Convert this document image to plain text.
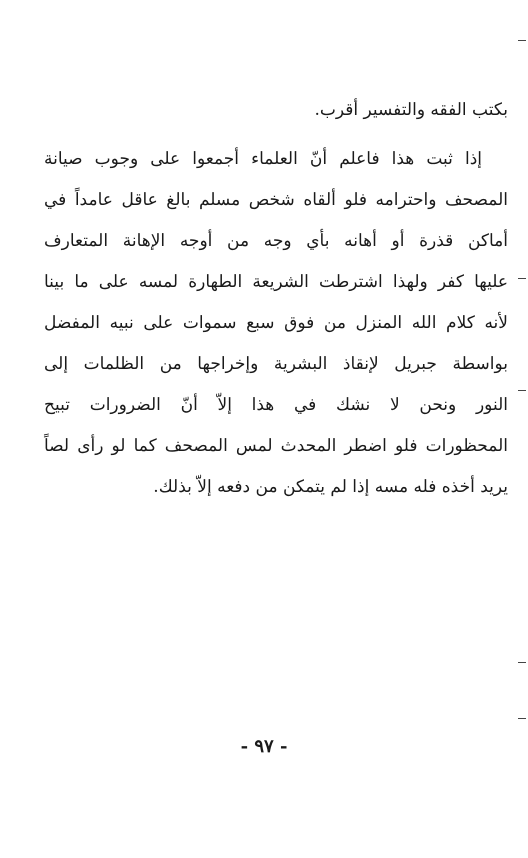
بكتب الفقه والتفسير أقرب.
إذا ثبت هذا فاعلم أنّ العلماء أجمعوا على وجوب صيانة
المصحف واحترامه فلو ألقاه شخص مسلم بالغ عاقل عامداً في
أماكن قذرة أو أهانه بأي وجه من أوجه الإهانة المتعارف
عليها كفر ولهذا اشترطت الشريعة الطهارة لمسه على ما بينا
لأنه كلام الله المنزل من فوق سبع سموات على نبيه المفضل
بواسطة جبريل لإنقاذ البشرية وإخراجها من الظلمات إلى
النور ونحن لا نشك في هذا إلاّ أنّ الضرورات تبيح
المحظورات فلو اضطر المحدث لمس المصحف كما لو رأى لصاً
يريد أخذه فله مسه إذا لم يتمكن من دفعه إلاّ بذلك.
- ٩٧ -
